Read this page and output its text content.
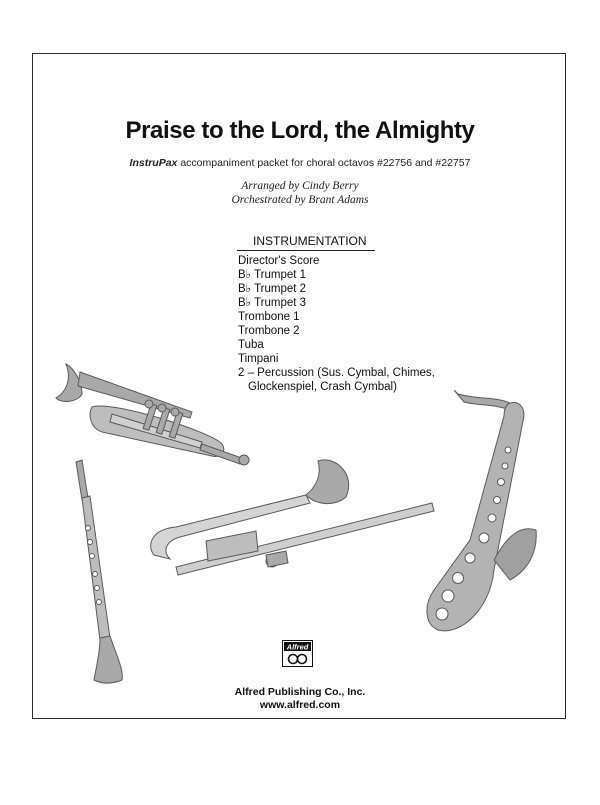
Praise to the Lord, the Almighty
InstruPax accompaniment packet for choral octavos #22756 and #22757
Arranged by Cindy Berry
Orchestrated by Brant Adams
INSTRUMENTATION
Director's Score
B♭ Trumpet 1
B♭ Trumpet 2
B♭ Trumpet 3
Trombone 1
Trombone 2
Tuba
Timpani
2 – Percussion (Sus. Cymbal, Chimes,
Glockenspiel, Crash Cymbal)
Alfred
Alfred Publishing Co., Inc.
www.alfred.com
